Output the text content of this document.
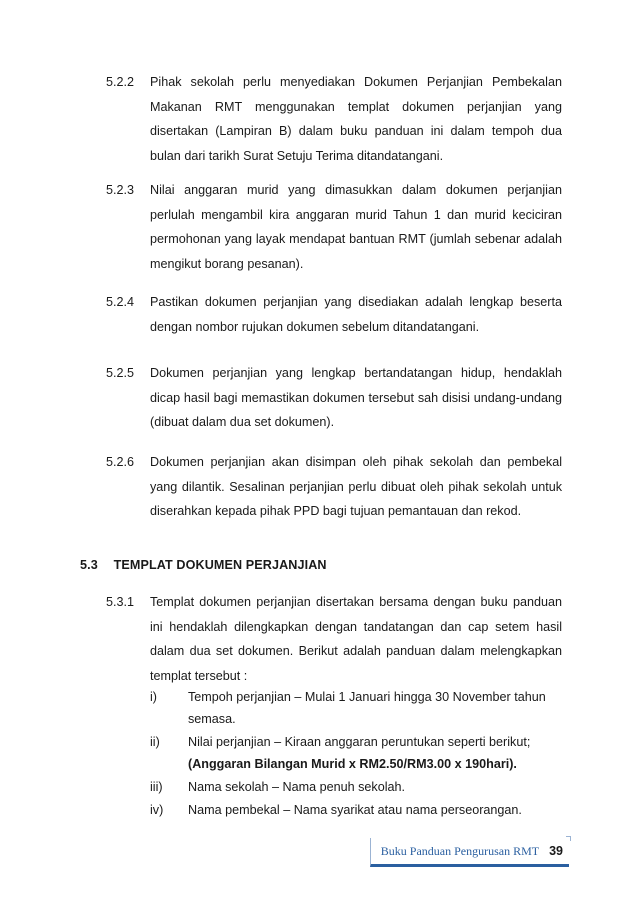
5.2.2 Pihak sekolah perlu menyediakan Dokumen Perjanjian Pembekalan Makanan RMT menggunakan templat dokumen perjanjian yang disertakan (Lampiran B) dalam buku panduan ini dalam tempoh dua bulan dari tarikh Surat Setuju Terima ditandatangani.
5.2.3 Nilai anggaran murid yang dimasukkan dalam dokumen perjanjian perlulah mengambil kira anggaran murid Tahun 1 dan murid keciciran permohonan yang layak mendapat bantuan RMT (jumlah sebenar adalah mengikut borang pesanan).
5.2.4 Pastikan dokumen perjanjian yang disediakan adalah lengkap beserta dengan nombor rujukan dokumen sebelum ditandatangani.
5.2.5 Dokumen perjanjian yang lengkap bertandatangan hidup, hendaklah dicap hasil bagi memastikan dokumen tersebut sah disisi undang-undang (dibuat dalam dua set dokumen).
5.2.6 Dokumen perjanjian akan disimpan oleh pihak sekolah dan pembekal yang dilantik. Sesalinan perjanjian perlu dibuat oleh pihak sekolah untuk diserahkan kepada pihak PPD bagi tujuan pemantauan dan rekod.
5.3 TEMPLAT DOKUMEN PERJANJIAN
5.3.1 Templat dokumen perjanjian disertakan bersama dengan buku panduan ini hendaklah dilengkapkan dengan tandatangan dan cap setem hasil dalam dua set dokumen. Berikut adalah panduan dalam melengkapkan templat tersebut :
i) Tempoh perjanjian – Mulai 1 Januari hingga 30 November tahun semasa.
ii) Nilai perjanjian – Kiraan anggaran peruntukan seperti berikut;
(Anggaran Bilangan Murid x RM2.50/RM3.00 x 190hari).
iii) Nama sekolah – Nama penuh sekolah.
iv) Nama pembekal – Nama syarikat atau nama perseorangan.
Buku Panduan Pengurusan RMT 39
